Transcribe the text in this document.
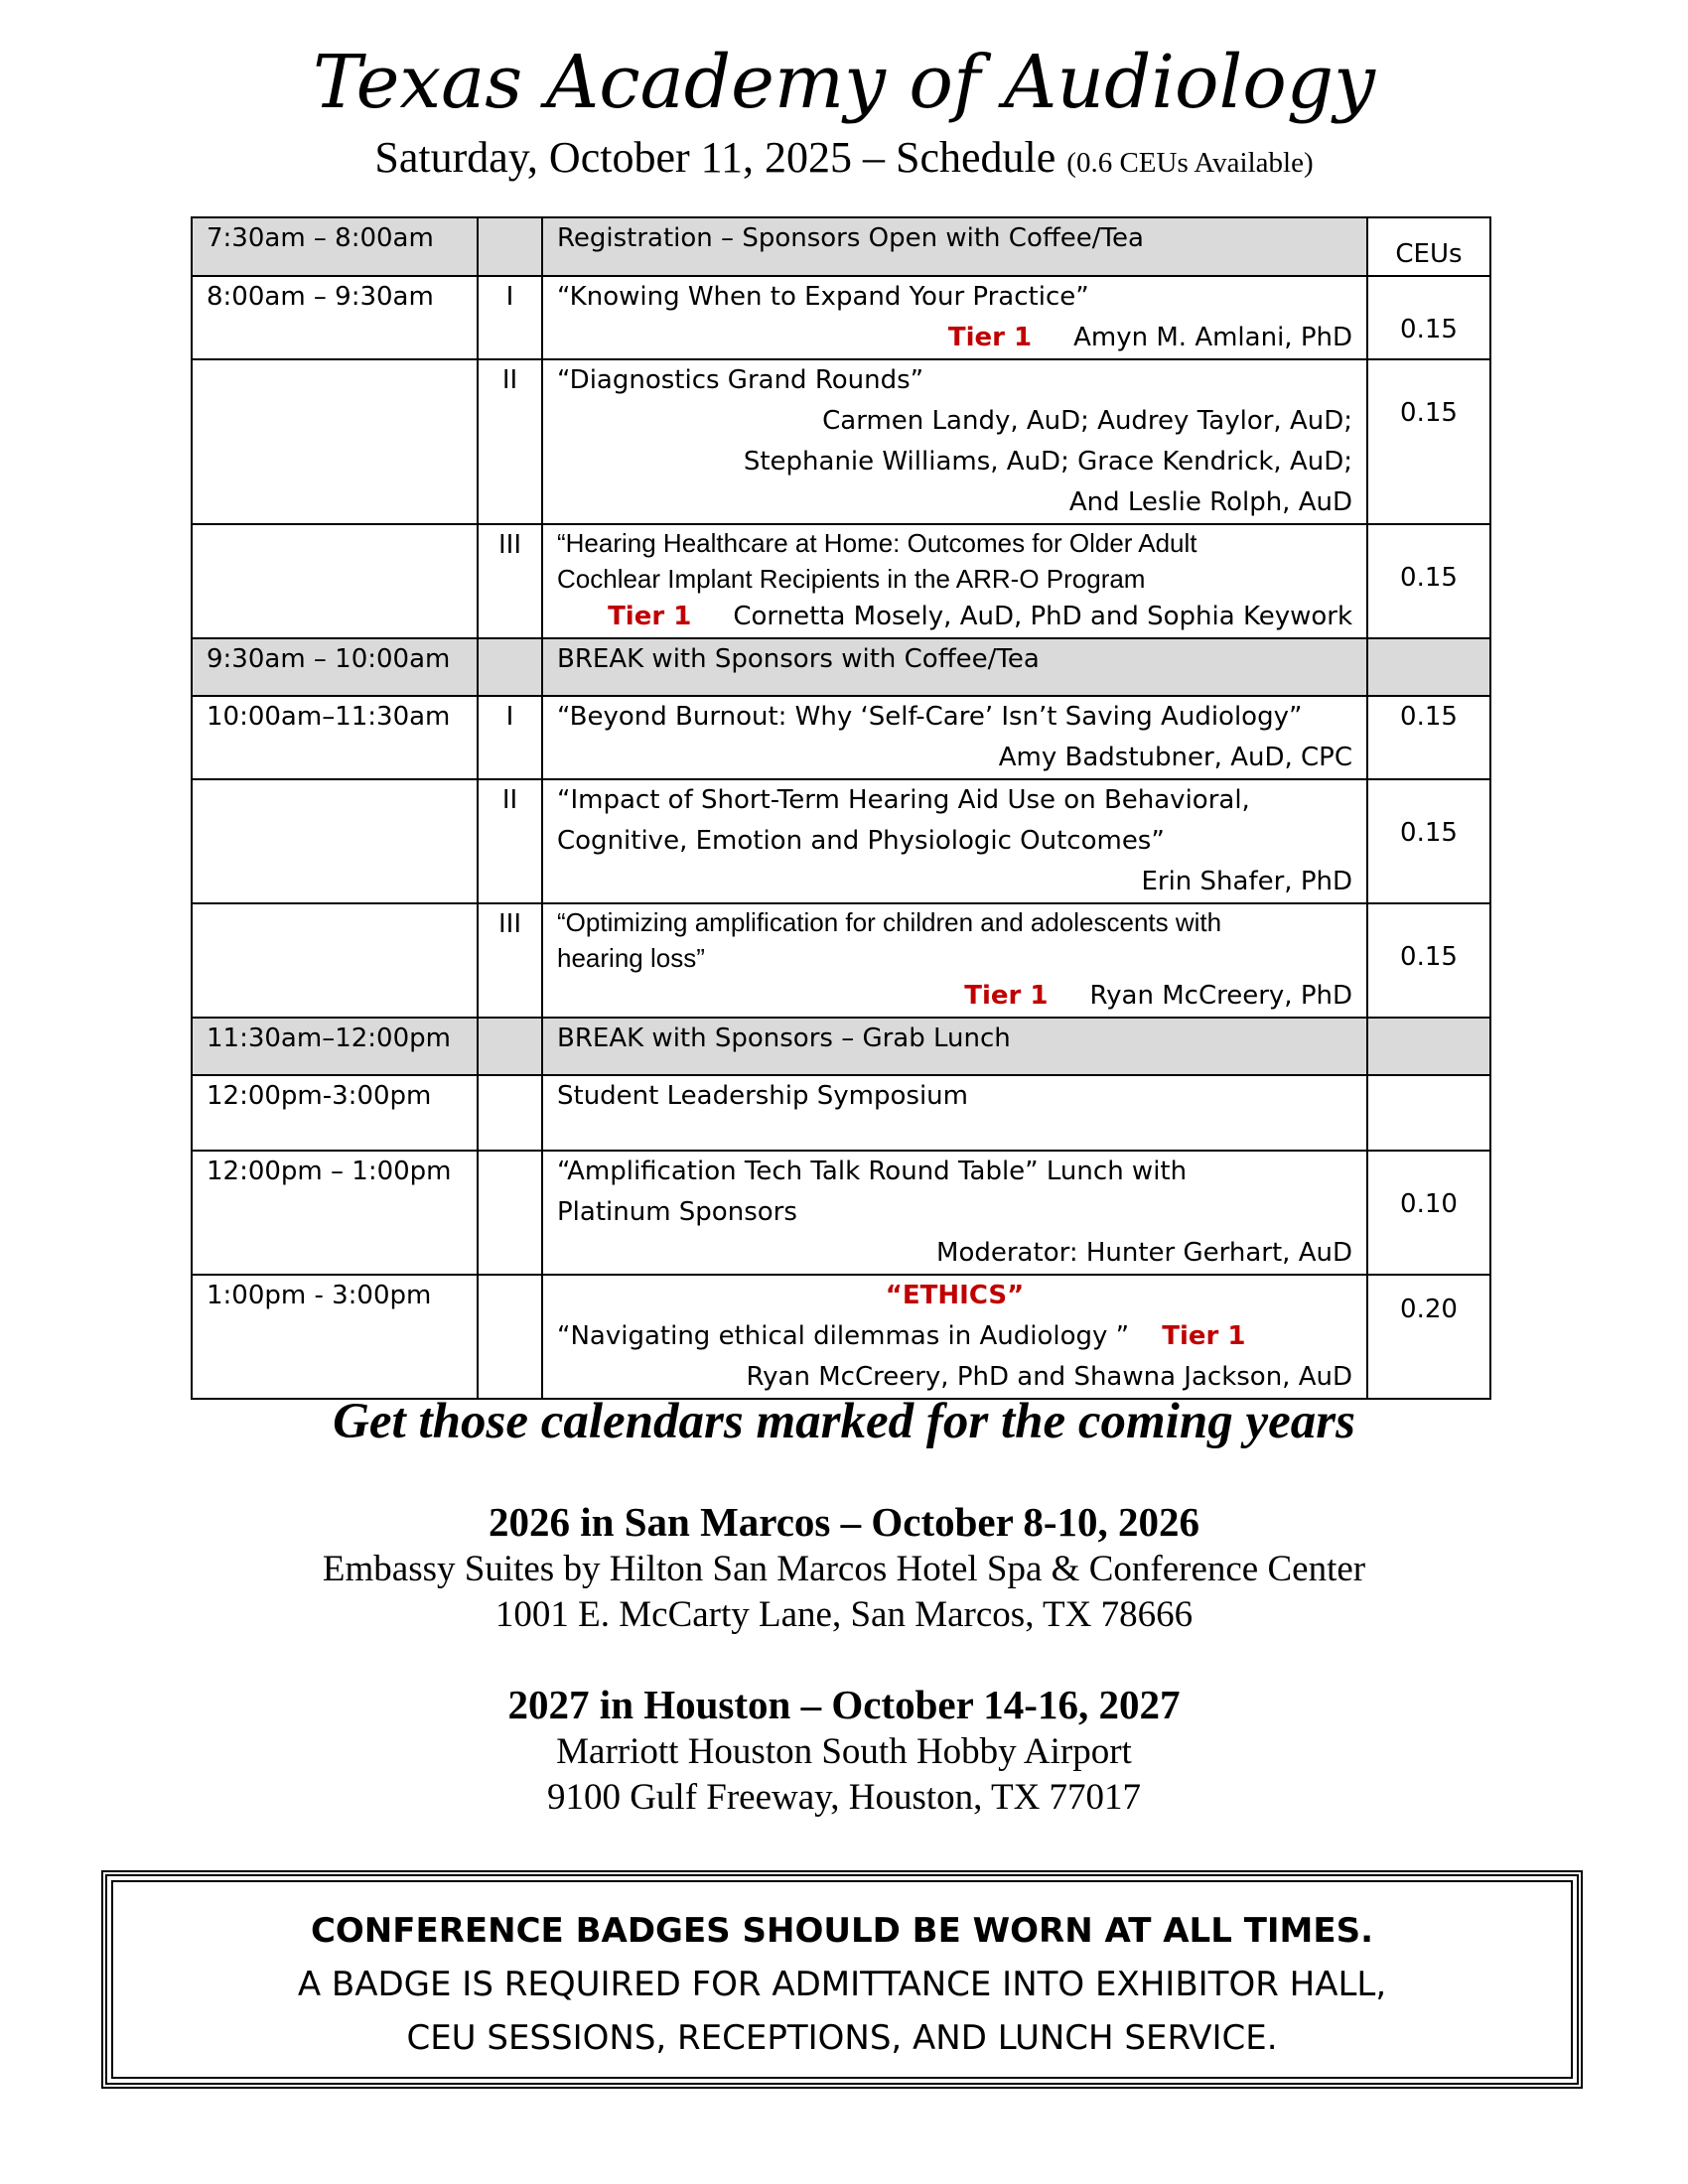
Texas Academy of Audiology
Saturday, October 11, 2025 – Schedule (0.6 CEUs Available)
7:30am – 8:00am		Registration – Sponsors Open with Coffee/Tea	CEUs
8:00am – 9:30am	I	“Knowing When to Expand Your Practice”
Tier 1 Amyn M. Amlani, PhD	0.15
	II	“Diagnostics Grand Rounds”
Carmen Landy, AuD; Audrey Taylor, AuD;
Stephanie Williams, AuD; Grace Kendrick, AuD;
And Leslie Rolph, AuD	0.15
	III	“Hearing Healthcare at Home: Outcomes for Older Adult
Cochlear Implant Recipients in the ARR-O Program
Tier 1 Cornetta Mosely, AuD, PhD and Sophia Keywork	0.15
9:30am – 10:00am		BREAK with Sponsors with Coffee/Tea	
10:00am–11:30am	I	“Beyond Burnout: Why ‘Self-Care’ Isn’t Saving Audiology”
Amy Badstubner, AuD, CPC	0.15
	II	“Impact of Short-Term Hearing Aid Use on Behavioral,
Cognitive, Emotion and Physiologic Outcomes”
Erin Shafer, PhD	0.15
	III	“Optimizing amplification for children and adolescents with
hearing loss”
Tier 1 Ryan McCreery, PhD	0.15
11:30am–12:00pm		BREAK with Sponsors – Grab Lunch	
12:00pm-3:00pm		Student Leadership Symposium	
12:00pm – 1:00pm		“Amplification Tech Talk Round Table” Lunch with
Platinum Sponsors
Moderator: Hunter Gerhart, AuD	0.10
1:00pm - 3:00pm		“ETHICS”
“Navigating ethical dilemmas in Audiology ” Tier 1
Ryan McCreery, PhD and Shawna Jackson, AuD	0.20
Get those calendars marked for the coming years
2026 in San Marcos – October 8-10, 2026
Embassy Suites by Hilton San Marcos Hotel Spa & Conference Center
1001 E. McCarty Lane, San Marcos, TX 78666
2027 in Houston – October 14-16, 2027
Marriott Houston South Hobby Airport
9100 Gulf Freeway, Houston, TX 77017
CONFERENCE BADGES SHOULD BE WORN AT ALL TIMES.
A BADGE IS REQUIRED FOR ADMITTANCE INTO EXHIBITOR HALL,
CEU SESSIONS, RECEPTIONS, AND LUNCH SERVICE.
